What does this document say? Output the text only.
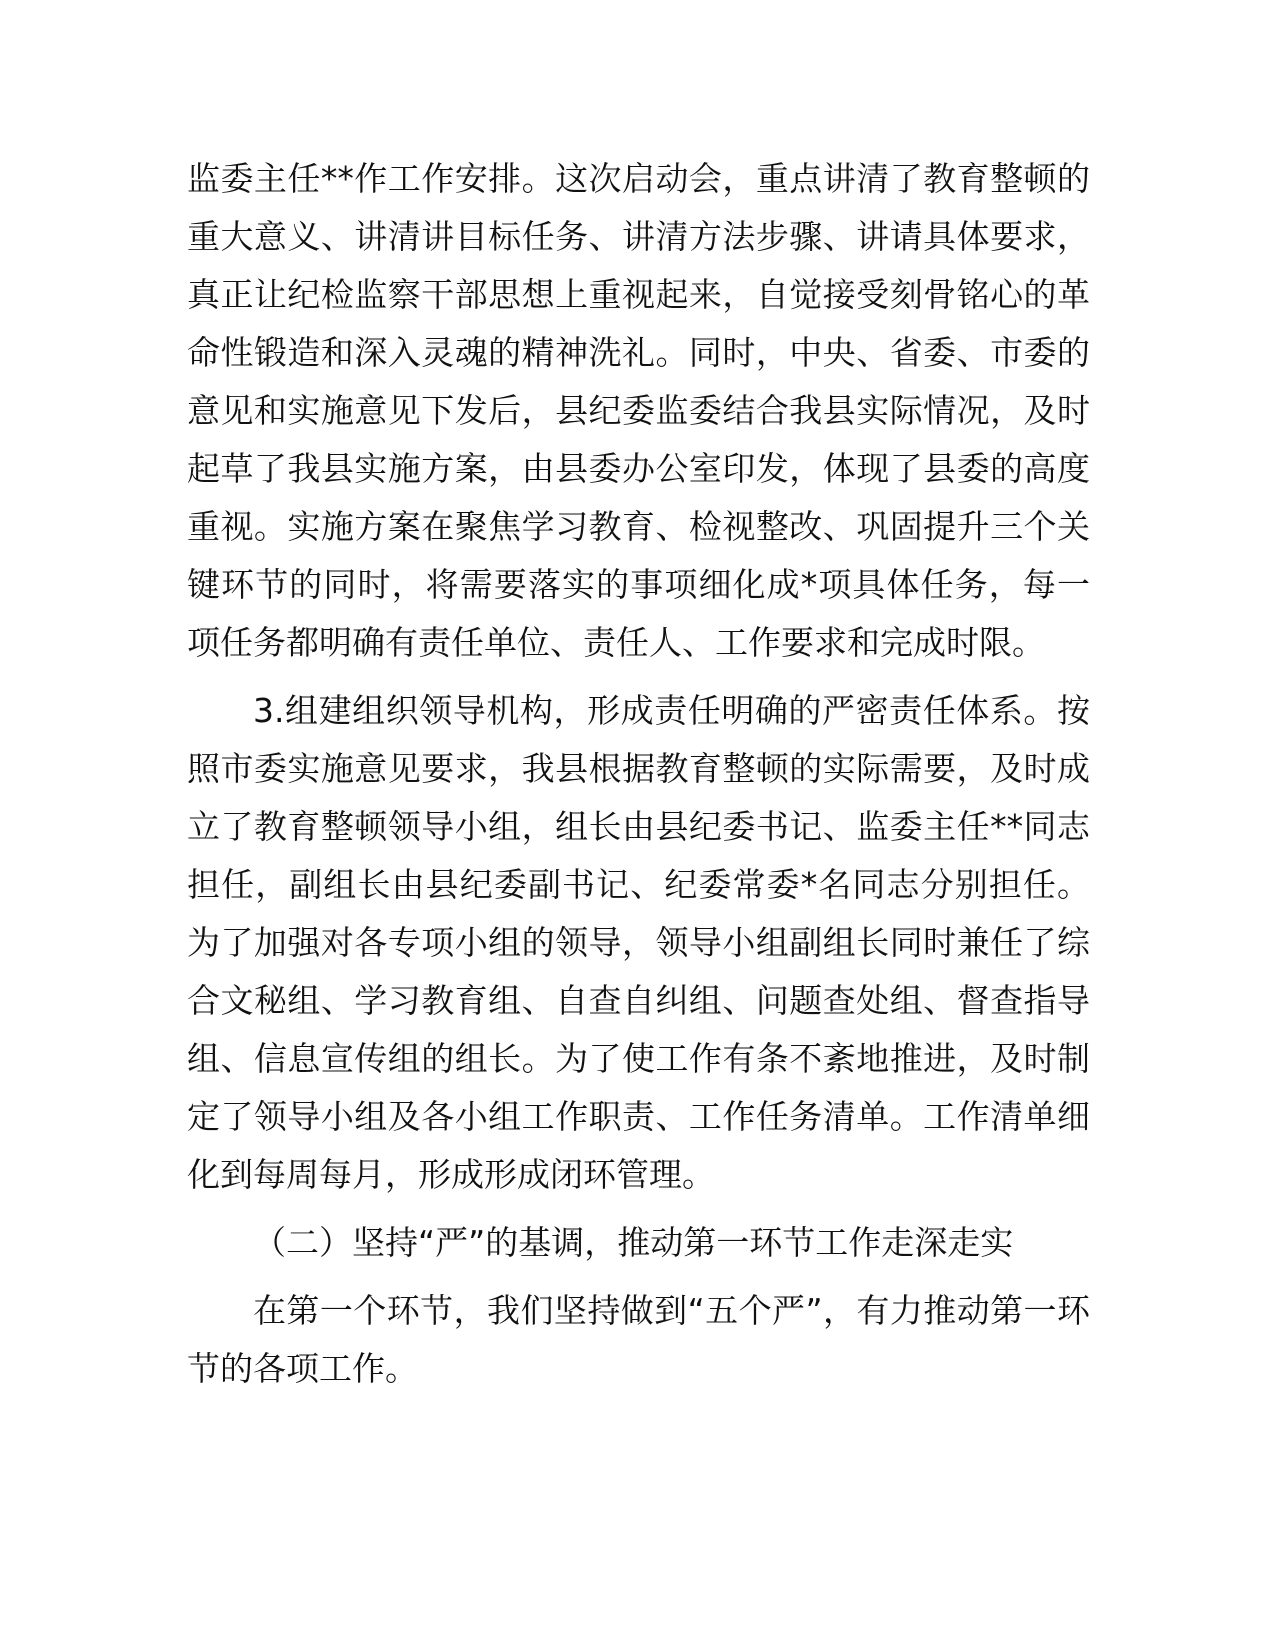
监委主任**作工作安排。这次启动会，重点讲清了教育整顿的重大意义、讲清讲目标任务、讲清方法步骤、讲请具体要求，真正让纪检监察干部思想上重视起来，自觉接受刻骨铭心的革命性锻造和深入灵魂的精神洗礼。同时，中央、省委、市委的意见和实施意见下发后，县纪委监委结合我县实际情况，及时起草了我县实施方案，由县委办公室印发，体现了县委的高度重视。实施方案在聚焦学习教育、检视整改、巩固提升三个关键环节的同时，将需要落实的事项细化成*项具体任务，每一项任务都明确有责任单位、责任人、工作要求和完成时限。

3.组建组织领导机构，形成责任明确的严密责任体系。按照市委实施意见要求，我县根据教育整顿的实际需要，及时成立了教育整顿领导小组，组长由县纪委书记、监委主任**同志担任，副组长由县纪委副书记、纪委常委*名同志分别担任。为了加强对各专项小组的领导，领导小组副组长同时兼任了综合文秘组、学习教育组、自查自纠组、问题查处组、督查指导组、信息宣传组的组长。为了使工作有条不紊地推进，及时制定了领导小组及各小组工作职责、工作任务清单。工作清单细化到每周每月，形成形成闭环管理。

（二）坚持“严”的基调，推动第一环节工作走深走实

在第一个环节，我们坚持做到“五个严”，有力推动第一环节的各项工作。
